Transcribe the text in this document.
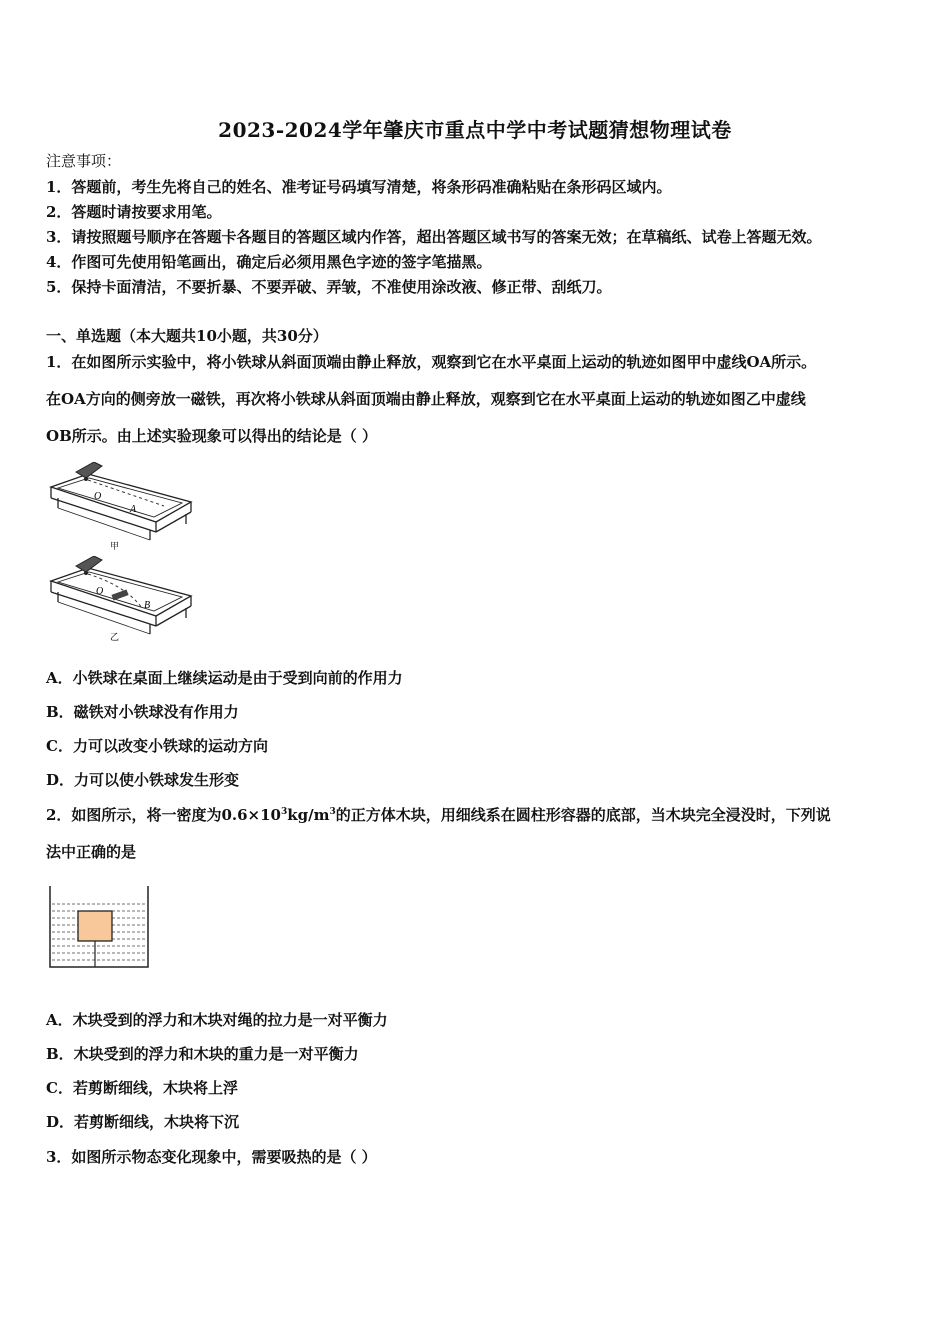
2023-2024学年肇庆市重点中学中考试题猜想物理试卷
注意事项：
1．答题前，考生先将自己的姓名、准考证号码填写清楚，将条形码准确粘贴在条形码区域内。
2．答题时请按要求用笔。
3．请按照题号顺序在答题卡各题目的答题区域内作答，超出答题区域书写的答案无效；在草稿纸、试卷上答题无效。
4．作图可先使用铅笔画出，确定后必须用黑色字迹的签字笔描黑。
5．保持卡面清洁，不要折暴、不要弄破、弄皱，不准使用涂改液、修正带、刮纸刀。
一、单选题（本大题共10小题，共30分）
1．在如图所示实验中，将小铁球从斜面顶端由静止释放，观察到它在水平桌面上运动的轨迹如图甲中虚线OA所示。
在OA方向的侧旁放一磁铁，再次将小铁球从斜面顶端由静止释放，观察到它在水平桌面上运动的轨迹如图乙中虚线
OB所示。由上述实验现象可以得出的结论是（ ）
O
A
甲
O
B
乙
A．小铁球在桌面上继续运动是由于受到向前的作用力
B．磁铁对小铁球没有作用力
C．力可以改变小铁球的运动方向
D．力可以使小铁球发生形变
2．如图所示，将一密度为$0.6\times 10^3kg/m^3$的正方体木块，用细线系在圆柱形容器的底部，当木块完全浸没时，下列说
法中正确的是
A．木块受到的浮力和木块对绳的拉力是一对平衡力
B．木块受到的浮力和木块的重力是一对平衡力
C．若剪断细线，木块将上浮
D．若剪断细线，木块将下沉
3．如图所示物态变化现象中，需要吸热的是（ ）
